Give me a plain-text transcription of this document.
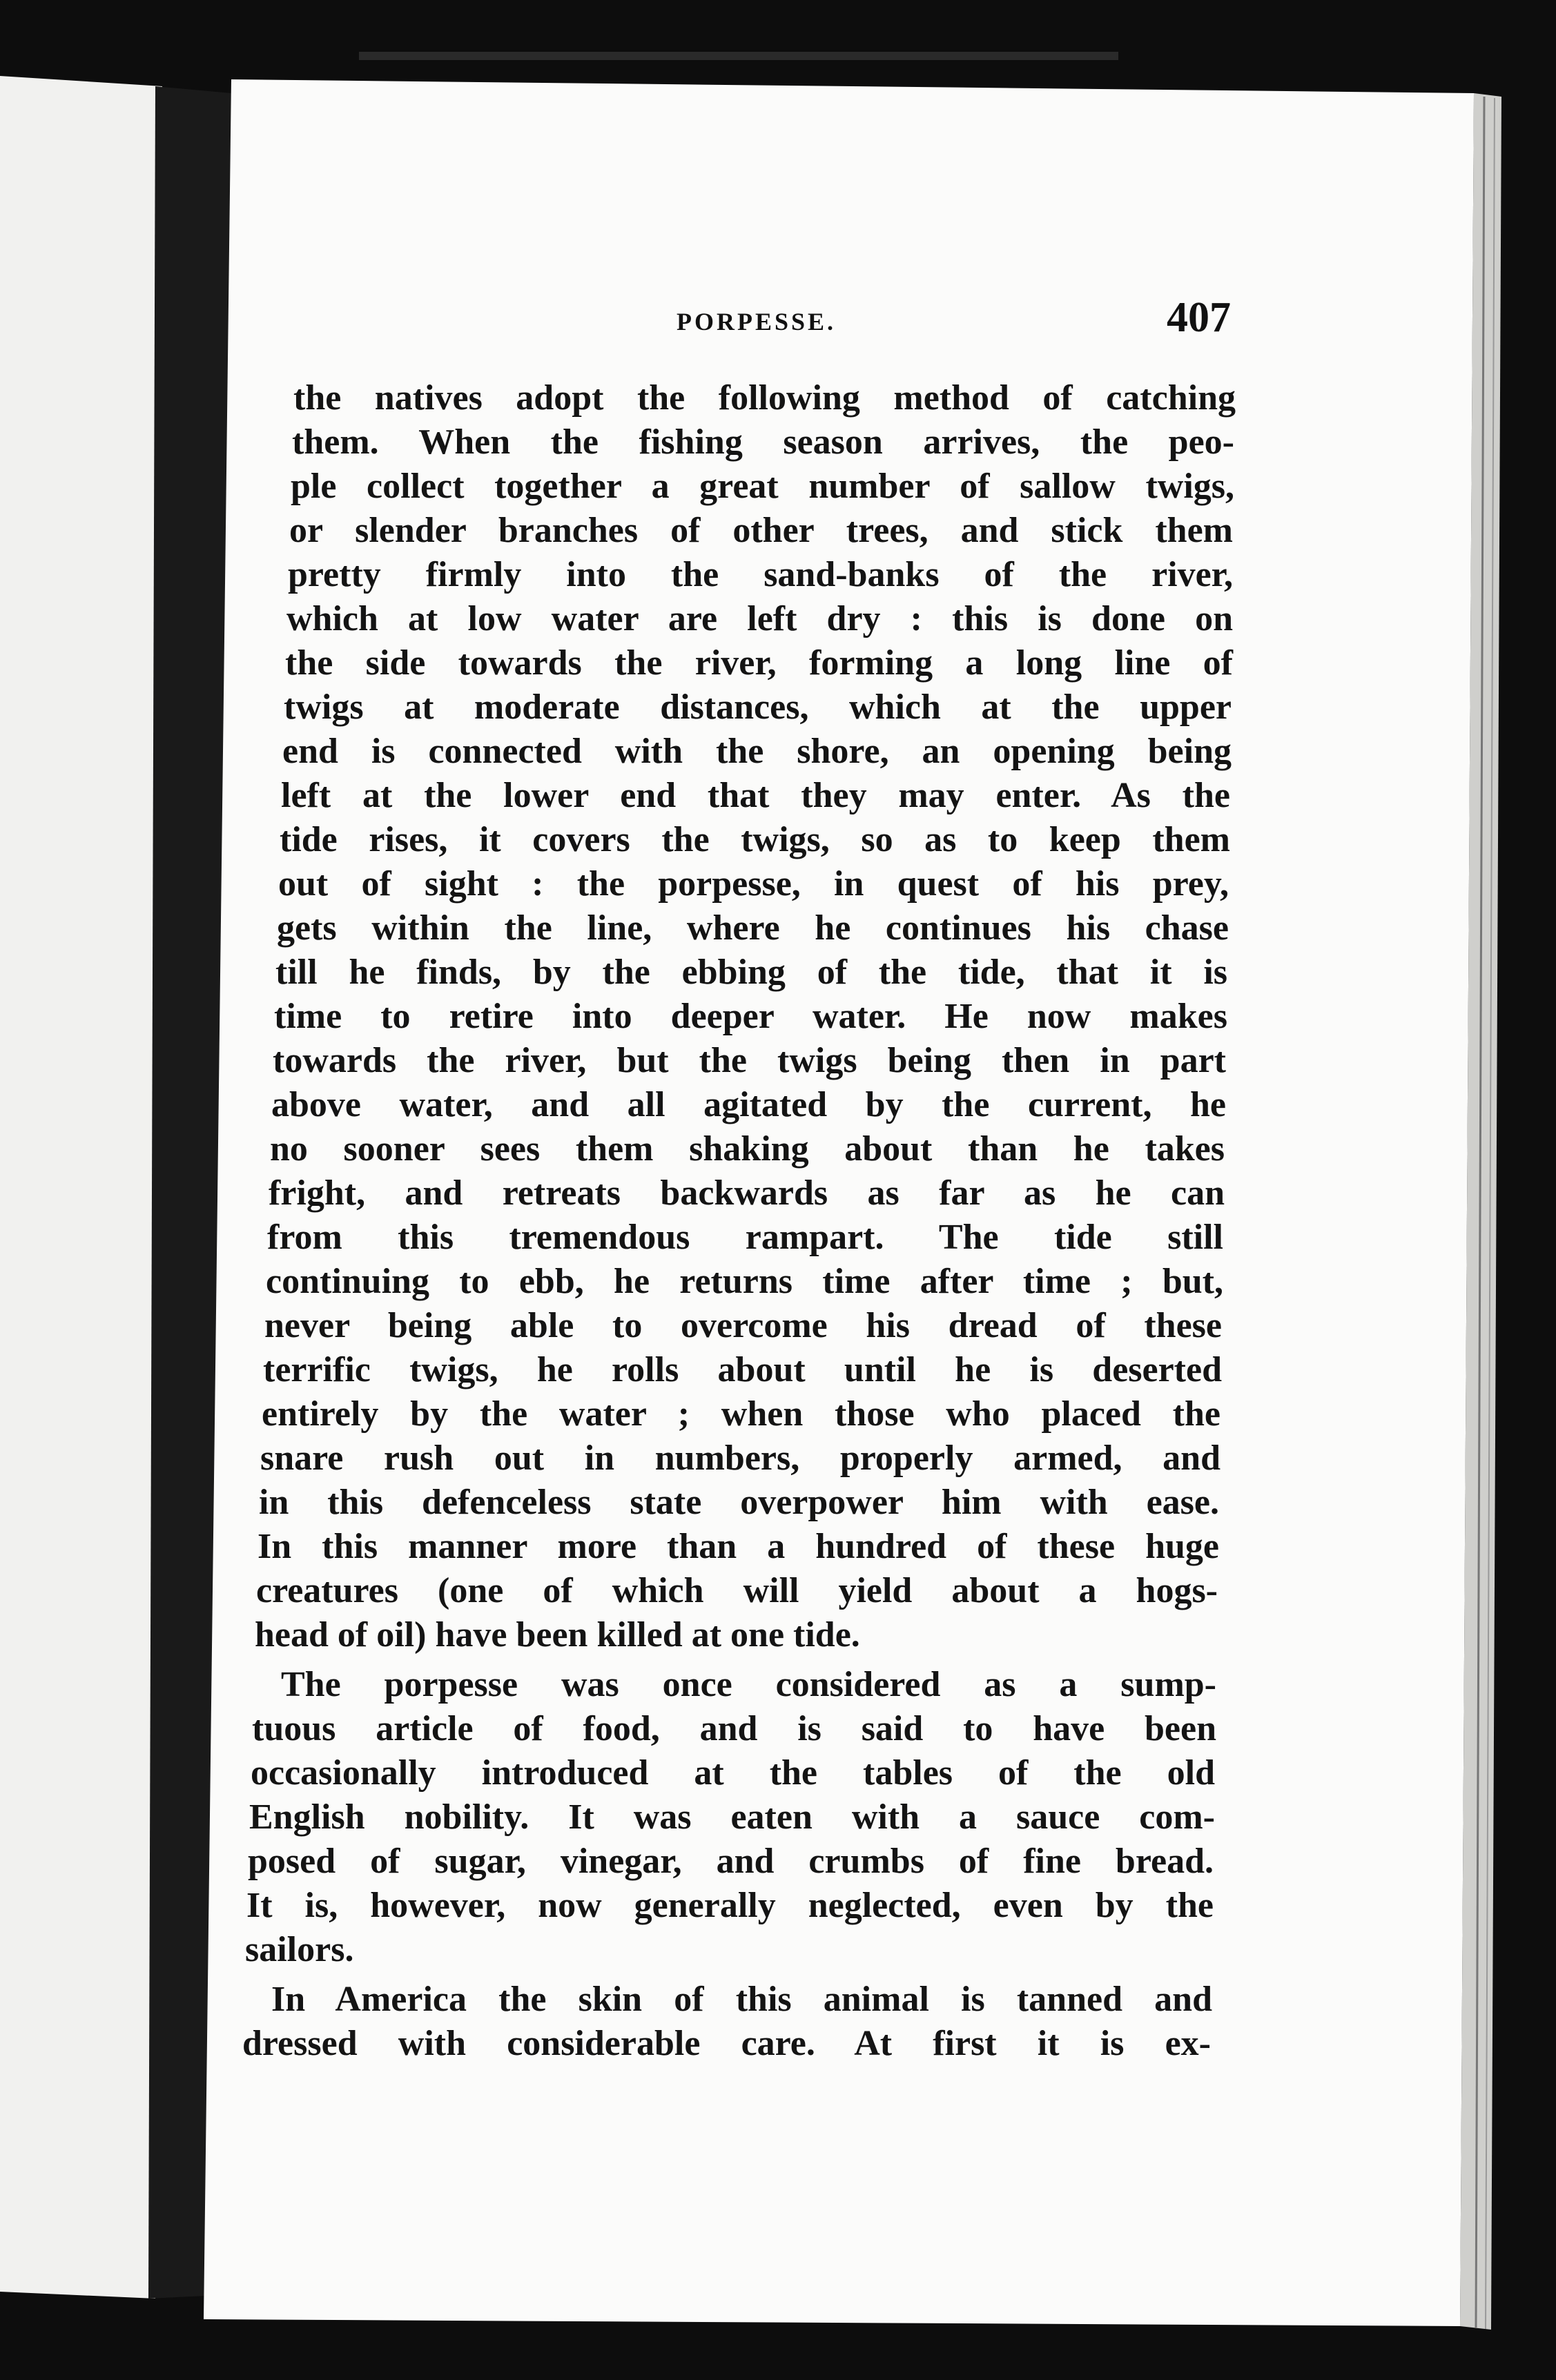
PORPESSE.	407
the natives adopt the following method of catching
them. When the fishing season arrives, the peo-
ple collect together a great number of sallow twigs,
or slender branches of other trees, and stick them
pretty firmly into the sand-banks of the river,
which at low water are left dry : this is done on
the side towards the river, forming a long line of
twigs at moderate distances, which at the upper
end is connected with the shore, an opening being
left at the lower end that they may enter. As the
tide rises, it covers the twigs, so as to keep them
out of sight : the porpesse, in quest of his prey,
gets within the line, where he continues his chase
till he finds, by the ebbing of the tide, that it is
time to retire into deeper water. He now makes
towards the river, but the twigs being then in part
above water, and all agitated by the current, he
no sooner sees them shaking about than he takes
fright, and retreats backwards as far as he can
from this tremendous rampart. The tide still
continuing to ebb, he returns time after time ; but,
never being able to overcome his dread of these
terrific twigs, he rolls about until he is deserted
entirely by the water ; when those who placed the
snare rush out in numbers, properly armed, and
in this defenceless state overpower him with ease.
In this manner more than a hundred of these huge
creatures (one of which will yield about a hogs-
head of oil) have been killed at one tide.
The porpesse was once considered as a sump-
tuous article of food, and is said to have been
occasionally introduced at the tables of the old
English nobility. It was eaten with a sauce com-
posed of sugar, vinegar, and crumbs of fine bread.
It is, however, now generally neglected, even by the
sailors.
In America the skin of this animal is tanned and
dressed with considerable care. At first it is ex-
